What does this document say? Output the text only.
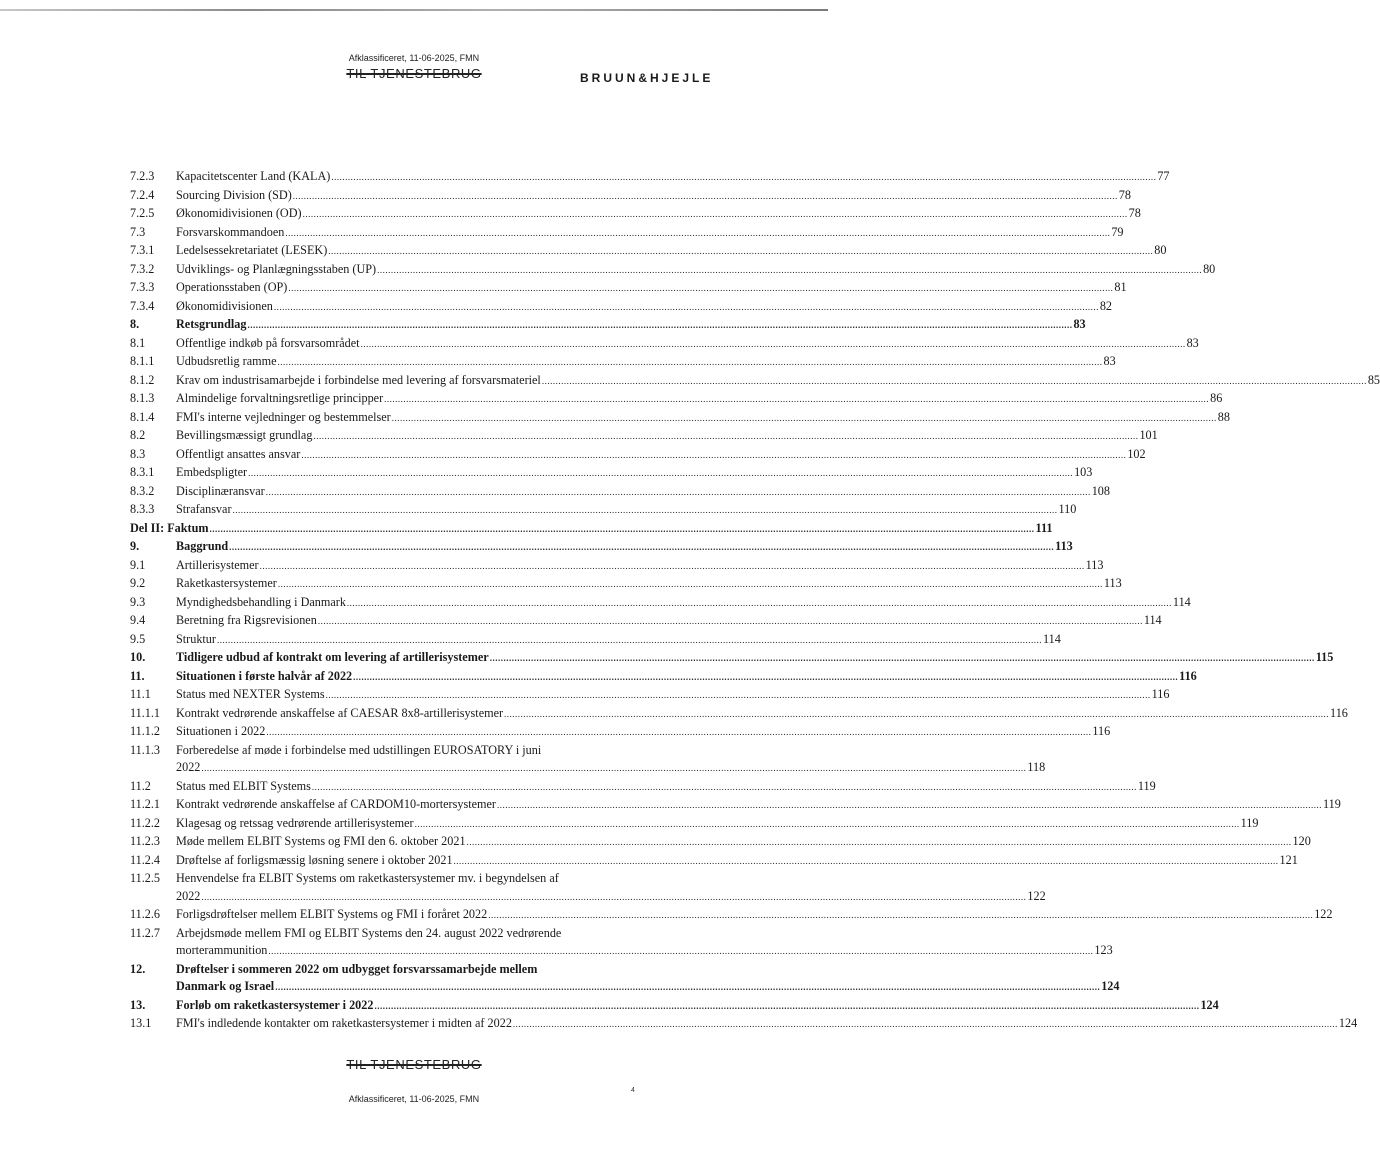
Afklassificeret, 11-06-2025, FMN
TIL TJENESTEBRUG	BRUUN&HJEJLE
7.2.3	Kapacitetscenter Land (KALA) ............................................................................................................................................................................................................................................................................................................ 77
7.2.4	Sourcing Division (SD) ............................................................................................................................................................................................................................................................................................................ 78
7.2.5	Økonomidivisionen (OD) ............................................................................................................................................................................................................................................................................................................ 78
7.3	Forsvarskommandoen ............................................................................................................................................................................................................................................................................................................ 79
7.3.1	Ledelsessekretariatet (LESEK) ............................................................................................................................................................................................................................................................................................................ 80
7.3.2	Udviklings- og Planlægningsstaben (UP) ............................................................................................................................................................................................................................................................................................................ 80
7.3.3	Operationsstaben (OP) ............................................................................................................................................................................................................................................................................................................ 81
7.3.4	Økonomidivisionen ............................................................................................................................................................................................................................................................................................................ 82
8.	Retsgrundlag ............................................................................................................................................................................................................................................................................................................ 83
8.1	Offentlige indkøb på forsvarsområdet ............................................................................................................................................................................................................................................................................................................ 83
8.1.1	Udbudsretlig ramme ............................................................................................................................................................................................................................................................................................................ 83
8.1.2	Krav om industrisamarbejde i forbindelse med levering af forsvarsmateriel ............................................................................................................................................................................................................................................................................................................ 85
8.1.3	Almindelige forvaltningsretlige principper ............................................................................................................................................................................................................................................................................................................ 86
8.1.4	FMI's interne vejledninger og bestemmelser ............................................................................................................................................................................................................................................................................................................ 88
8.2	Bevillingsmæssigt grundlag ............................................................................................................................................................................................................................................................................................................ 101
8.3	Offentligt ansattes ansvar ............................................................................................................................................................................................................................................................................................................ 102
8.3.1	Embedspligter ............................................................................................................................................................................................................................................................................................................ 103
8.3.2	Disciplinæransvar ............................................................................................................................................................................................................................................................................................................ 108
8.3.3	Strafansvar ............................................................................................................................................................................................................................................................................................................ 110
Del II: Faktum ............................................................................................................................................................................................................................................................................................................ 111
9.	Baggrund ............................................................................................................................................................................................................................................................................................................ 113
9.1	Artillerisystemer ............................................................................................................................................................................................................................................................................................................ 113
9.2	Raketkastersystemer ............................................................................................................................................................................................................................................................................................................ 113
9.3	Myndighedsbehandling i Danmark ............................................................................................................................................................................................................................................................................................................ 114
9.4	Beretning fra Rigsrevisionen ............................................................................................................................................................................................................................................................................................................ 114
9.5	Struktur ............................................................................................................................................................................................................................................................................................................ 114
10.	Tidligere udbud af kontrakt om levering af artillerisystemer ............................................................................................................................................................................................................................................................................................................ 115
11.	Situationen i første halvår af 2022 ............................................................................................................................................................................................................................................................................................................ 116
11.1	Status med NEXTER Systems ............................................................................................................................................................................................................................................................................................................ 116
11.1.1	Kontrakt vedrørende anskaffelse af CAESAR 8x8-artillerisystemer ............................................................................................................................................................................................................................................................................................................ 116
11.1.2	Situationen i 2022 ............................................................................................................................................................................................................................................................................................................ 116
11.1.3	Forberedelse af møde i forbindelse med udstillingen EUROSATORY i juni
2022 ............................................................................................................................................................................................................................................................................................................ 118
11.2	Status med ELBIT Systems ............................................................................................................................................................................................................................................................................................................ 119
11.2.1	Kontrakt vedrørende anskaffelse af CARDOM10-mortersystemer ............................................................................................................................................................................................................................................................................................................ 119
11.2.2	Klagesag og retssag vedrørende artillerisystemer ............................................................................................................................................................................................................................................................................................................ 119
11.2.3	Møde mellem ELBIT Systems og FMI den 6. oktober 2021 ............................................................................................................................................................................................................................................................................................................ 120
11.2.4	Drøftelse af forligsmæssig løsning senere i oktober 2021 ............................................................................................................................................................................................................................................................................................................ 121
11.2.5	Henvendelse fra ELBIT Systems om raketkastersystemer mv. i begyndelsen af
2022 ............................................................................................................................................................................................................................................................................................................ 122
11.2.6	Forligsdrøftelser mellem ELBIT Systems og FMI i foråret 2022 ............................................................................................................................................................................................................................................................................................................ 122
11.2.7	Arbejdsmøde mellem FMI og ELBIT Systems den 24. august 2022 vedrørende
morterammunition ............................................................................................................................................................................................................................................................................................................ 123
12.	Drøftelser i sommeren 2022 om udbygget forsvarssamarbejde mellem
Danmark og Israel ............................................................................................................................................................................................................................................................................................................ 124
13.	Forløb om raketkastersystemer i 2022 ............................................................................................................................................................................................................................................................................................................ 124
13.1	FMI's indledende kontakter om raketkastersystemer i midten af 2022 ............................................................................................................................................................................................................................................................................................................ 124
TIL TJENESTEBRUG
4
Afklassificeret, 11-06-2025, FMN
